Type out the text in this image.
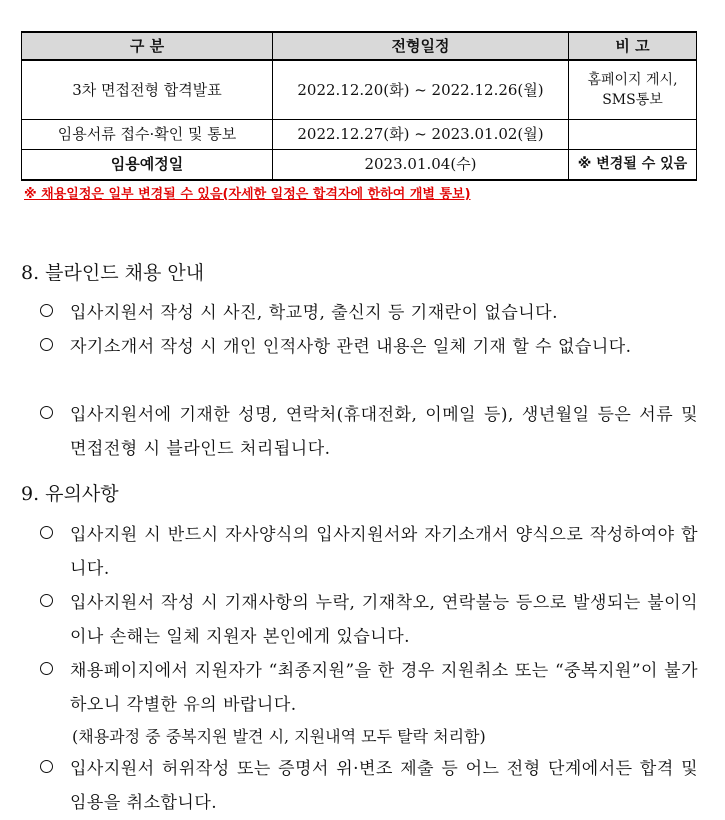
구 분	전형일정	비 고
3차 면접전형 합격발표	2022.12.20(화) ~ 2022.12.26(월)	홈페이지 게시, SMS통보
임용서류 접수·확인 및 통보	2022.12.27(화) ~ 2023.01.02(월)	
임용예정일	2023.01.04(수)	※ 변경될 수 있음
※ 채용일정은 일부 변경될 수 있음(자세한 일정은 합격자에 한하여 개별 통보)
8. 블라인드 채용 안내
입사지원서 작성 시 사진, 학교명, 출신지 등 기재란이 없습니다.
자기소개서 작성 시 개인 인적사항 관련 내용은 일체 기재 할 수 없습니다.
입사지원서에 기재한 성명, 연락처(휴대전화, 이메일 등), 생년월일 등은 서류 및 면접전형 시 블라인드 처리됩니다.
9. 유의사항
입사지원 시 반드시 자사양식의 입사지원서와 자기소개서 양식으로 작성하여야 합니다.
입사지원서 작성 시 기재사항의 누락, 기재착오, 연락불능 등으로 발생되는 불이익이나 손해는 일체 지원자 본인에게 있습니다.
채용페이지에서 지원자가 “최종지원”을 한 경우 지원취소 또는 “중복지원”이 불가하오니 각별한 유의 바랍니다.
(채용과정 중 중복지원 발견 시, 지원내역 모두 탈락 처리함)
입사지원서 허위작성 또는 증명서 위·변조 제출 등 어느 전형 단계에서든 합격 및 임용을 취소합니다.
